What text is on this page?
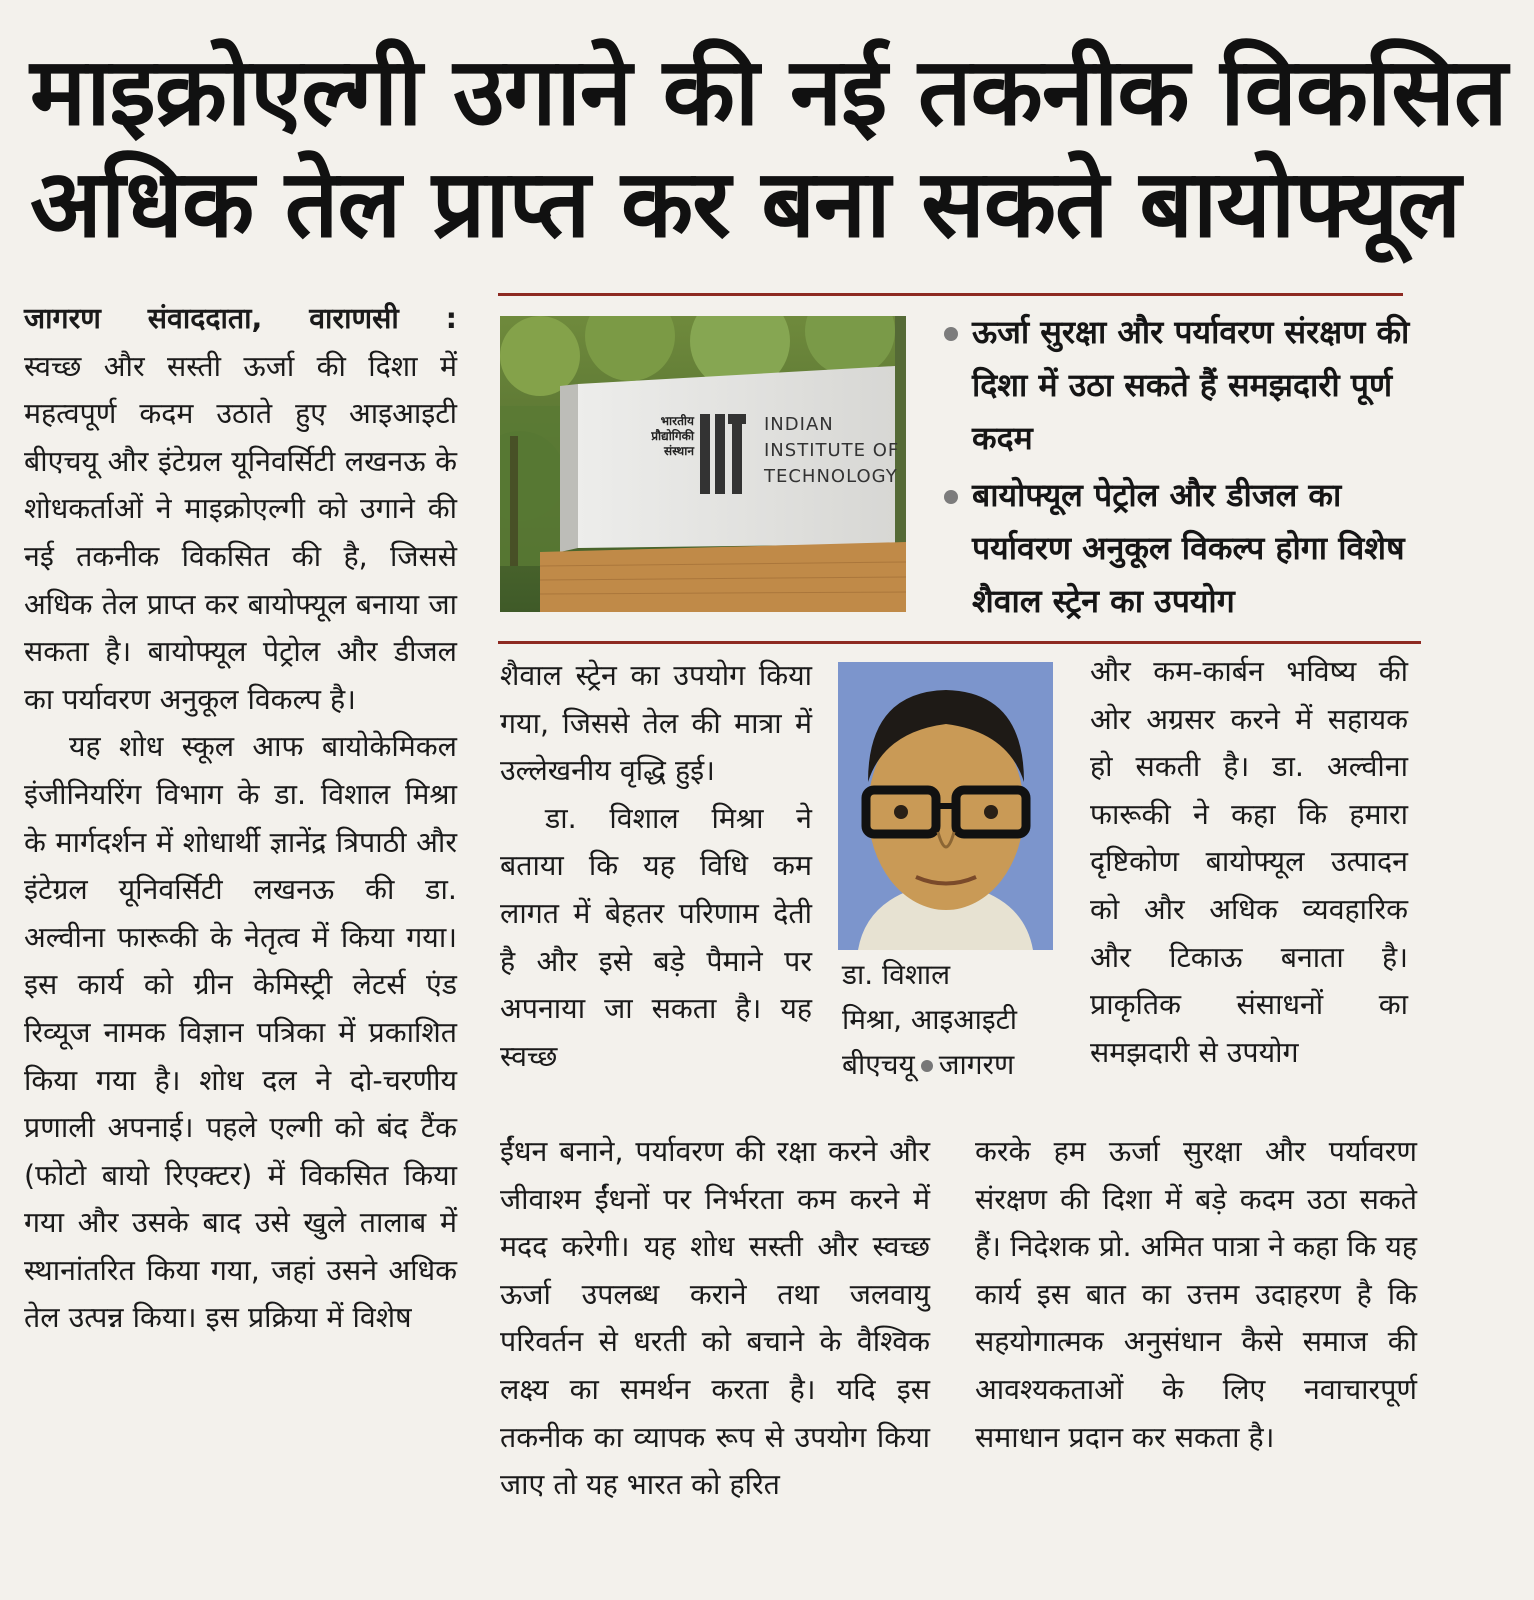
माइक्रोएल्गी उगाने की नई तकनीक विकसित
अधिक तेल प्राप्त कर बना सकते बायोफ्यूल
भारतीय
प्रौद्योगिकी
संस्थान
INDIAN
INSTITUTE OF
TECHNOLOGY
ऊर्जा सुरक्षा और पर्यावरण संरक्षण की दिशा में उठा सकते हैं समझदारी पूर्ण कदम
बायोफ्यूल पेट्रोल और डीजल का पर्यावरण अनुकूल विकल्प होगा विशेष शैवाल स्ट्रेन का उपयोग

जागरण संवाददाता, वाराणसी :

स्वच्छ और सस्ती ऊर्जा की दिशा में महत्वपूर्ण कदम उठाते हुए आइआइटी बीएचयू और इंटेग्रल यूनिवर्सिटी लखनऊ के शोधकर्ताओं ने माइक्रोएल्गी को उगाने की नई तकनीक विकसित की है, जिससे अधिक तेल प्राप्त कर बायोफ्यूल बनाया जा सकता है। बायोफ्यूल पेट्रोल और डीजल का पर्यावरण अनुकूल विकल्प है।

यह शोध स्कूल आफ बायोकेमिकल इंजीनियरिंग विभाग के डा. विशाल मिश्रा के मार्गदर्शन में शोधार्थी ज्ञानेंद्र त्रिपाठी और इंटेग्रल यूनिवर्सिटी लखनऊ की डा. अल्वीना फारूकी के नेतृत्व में किया गया। इस कार्य को ग्रीन केमिस्ट्री लेटर्स एंड रिव्यूज नामक विज्ञान पत्रिका में प्रकाशित किया गया है। शोध दल ने दो-चरणीय प्रणाली अपनाई। पहले एल्गी को बंद टैंक (फोटो बायो रिएक्टर) में विकसित किया गया और उसके बाद उसे खुले तालाब में स्थानांतरित किया गया, जहां उसने अधिक तेल उत्पन्न किया। इस प्रक्रिया में विशेष

शैवाल स्ट्रेन का उपयोग किया गया, जिससे तेल की मात्रा में उल्लेखनीय वृद्धि हुई।

डा. विशाल मिश्रा ने बताया कि यह विधि कम लागत में बेहतर परिणाम देती है और इसे बड़े पैमाने पर अपनाया जा सकता है। यह स्वच्छ

ईंधन बनाने, पर्यावरण की रक्षा करने और जीवाश्म ईंधनों पर निर्भरता कम करने में मदद करेगी। यह शोध सस्ती और स्वच्छ ऊर्जा उपलब्ध कराने तथा जलवायु परिवर्तन से धरती को बचाने के वैश्विक लक्ष्य का समर्थन करता है। यदि इस तकनीक का व्यापक रूप से उपयोग किया जाए तो यह भारत को हरित

डा. विशाल
मिश्रा, आइआइटी
बीएचयू जागरण

और कम-कार्बन भविष्य की ओर अग्रसर करने में सहायक हो सकती है। डा. अल्वीना फारूकी ने कहा कि हमारा दृष्टिकोण बायोफ्यूल उत्पादन को और अधिक व्यवहारिक और टिकाऊ बनाता है। प्राकृतिक संसाधनों का समझदारी से उपयोग

करके हम ऊर्जा सुरक्षा और पर्यावरण संरक्षण की दिशा में बड़े कदम उठा सकते हैं। निदेशक प्रो. अमित पात्रा ने कहा कि यह कार्य इस बात का उत्तम उदाहरण है कि सहयोगात्मक अनुसंधान कैसे समाज की आवश्यकताओं के लिए नवाचारपूर्ण समाधान प्रदान कर सकता है।
